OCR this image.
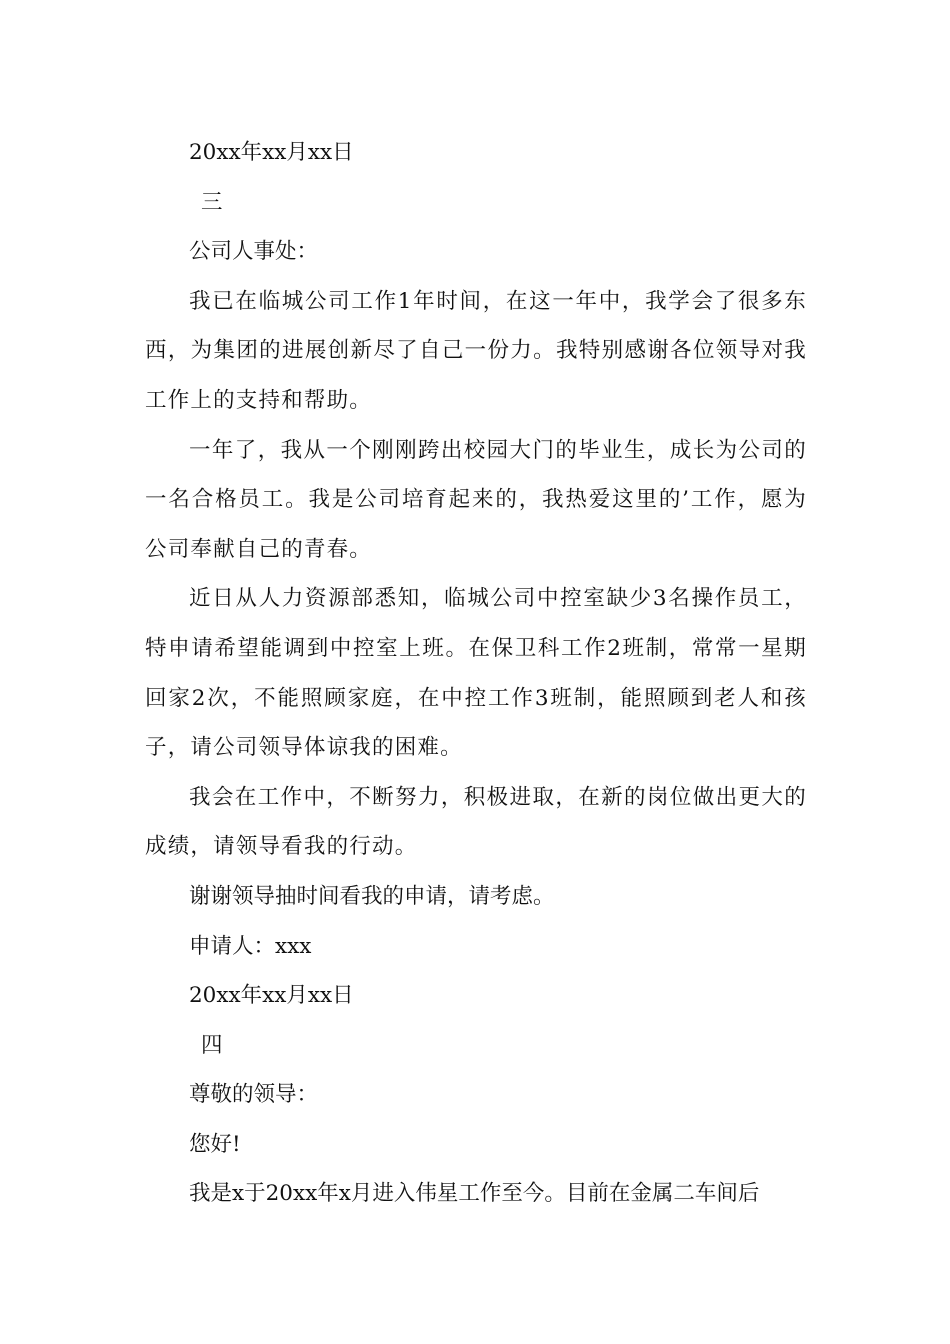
20xx年xx月xx日

三

公司人事处：

我已在临城公司工作1年时间，在这一年中，我学会了很多东西，为集团的进展创新尽了自己一份力。我特别感谢各位领导对我工作上的支持和帮助。

一年了，我从一个刚刚跨出校园大门的毕业生，成长为公司的一名合格员工。我是公司培育起来的，我热爱这里的’工作，愿为公司奉献自己的青春。

近日从人力资源部悉知，临城公司中控室缺少3名操作员工，特申请希望能调到中控室上班。在保卫科工作2班制，常常一星期回家2次，不能照顾家庭，在中控工作3班制，能照顾到老人和孩子，请公司领导体谅我的困难。

我会在工作中，不断努力，积极进取，在新的岗位做出更大的成绩，请领导看我的行动。

谢谢领导抽时间看我的申请，请考虑。

申请人：xxx

20xx年xx月xx日

四

尊敬的领导：

您好!

我是x于20xx年x月进入伟星工作至今。目前在金属二车间后
